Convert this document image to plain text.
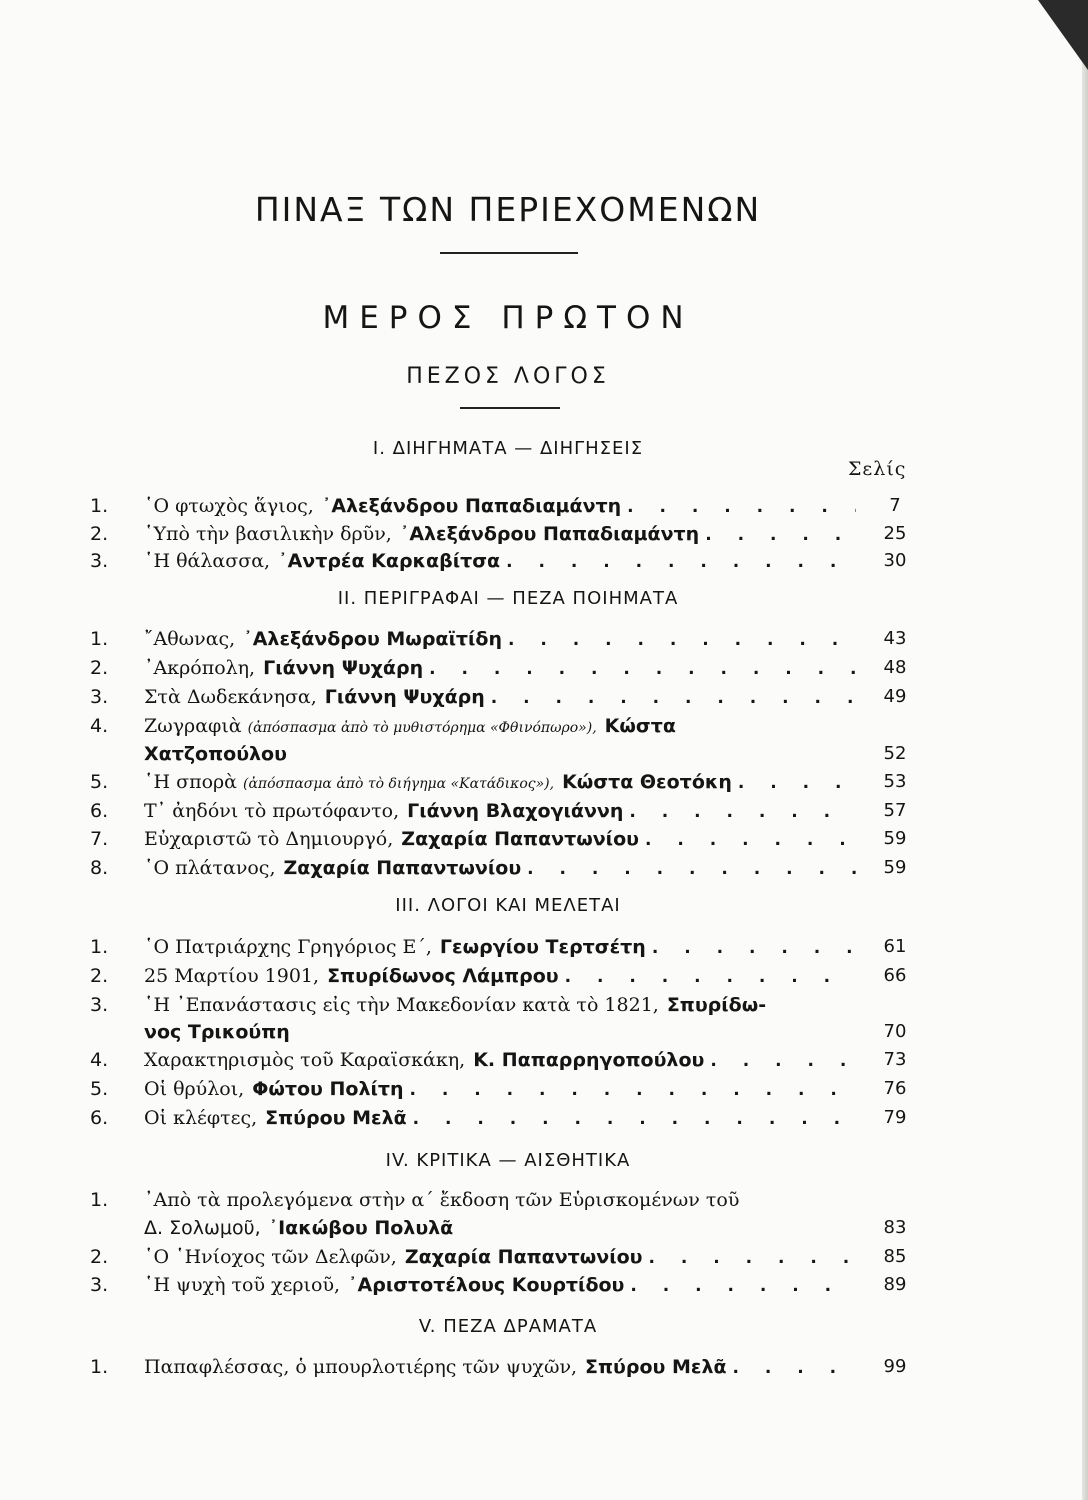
ΠΙΝΑΞ ΤΩΝ ΠΕΡΙΕΧΟΜΕΝΩΝ
ΜΕΡΟΣ ΠΡΩΤΟΝ
ΠΕΖΟΣ ΛΟΓΟΣ
Σελίς
I. ΔΙΗΓΗΜΑΤΑ — ΔΙΗΓΗΣΕΙΣ
1.	῾Ο φτωχὸς ἅγιος, ᾿Αλεξάνδρου Παπαδιαμάντη . . .	7
2.	῾Υπὸ τὴν βασιλικὴν δρῦν, ᾿Αλεξάνδρου Παπαδιαμάντη . . .	25
3.	῾Η θάλασσα, ᾿Αντρέα Καρκαβίτσα . . .	30
II. ΠΕΡΙΓΡΑΦΑΙ — ΠΕΖΑ ΠΟΙΗΜΑΤΑ
1.	῎Αθωνας, ᾿Αλεξάνδρου Μωραϊτίδη . . .	43
2.	᾿Ακρόπολη, Γιάννη Ψυχάρη . . .	48
3.	Στὰ Δωδεκάνησα, Γιάννη Ψυχάρη . . .	49
4.	Ζωγραφιὰ (ἀπόσπασμα ἀπὸ τὸ μυθιστόρημα «Φθινόπωρο»), Κώστα
Χατζοπούλου	52
5.	῾Η σπορὰ (ἀπόσπασμα ἀπὸ τὸ διήγημα «Κατάδικος»), Κώστα Θεοτόκη . . .	53
6.	Τ᾿ ἀηδόνι τὸ πρωτόφαντο, Γιάννη Βλαχογιάννη . . .	57
7.	Εὐχαριστῶ τὸ Δημιουργό, Ζαχαρία Παπαντωνίου . . .	59
8.	῾Ο πλάτανος, Ζαχαρία Παπαντωνίου . . .	59
III. ΛΟΓΟΙ ΚΑΙ ΜΕΛΕΤΑΙ
1.	῾Ο Πατριάρχης Γρηγόριος Ε΄, Γεωργίου Τερτσέτη . . .	61
2.	25 Μαρτίου 1901, Σπυρίδωνος Λάμπρου . . .	66
3.	῾Η ᾿Επανάστασις εἰς τὴν Μακεδονίαν κατὰ τὸ 1821, Σπυρίδω-
νος Τρικούπη	70
4.	Χαρακτηρισμὸς τοῦ Καραϊσκάκη, Κ. Παπαρρηγοπούλου . . .	73
5.	Οἱ θρύλοι, Φώτου Πολίτη . . .	76
6.	Οἱ κλέφτες, Σπύρου Μελᾶ . . .	79
IV. ΚΡΙΤΙΚΑ — ΑΙΣΘΗΤΙΚΑ
1.	᾿Απὸ τὰ προλεγόμενα στὴν α΄ ἔκδοση τῶν Εὑρισκομένων τοῦ
Δ. Σολωμοῦ, ᾿Ιακώβου Πολυλᾶ	83
2.	῾Ο ῾Ηνίοχος τῶν Δελφῶν, Ζαχαρία Παπαντωνίου . . .	85
3.	῾Η ψυχὴ τοῦ χεριοῦ, ᾿Αριστοτέλους Κουρτίδου . . .	89
V. ΠΕΖΑ ΔΡΑΜΑΤΑ
1.	Παπαφλέσσας, ὁ μπουρλοτιέρης τῶν ψυχῶν, Σπύρου Μελᾶ . . .	99
